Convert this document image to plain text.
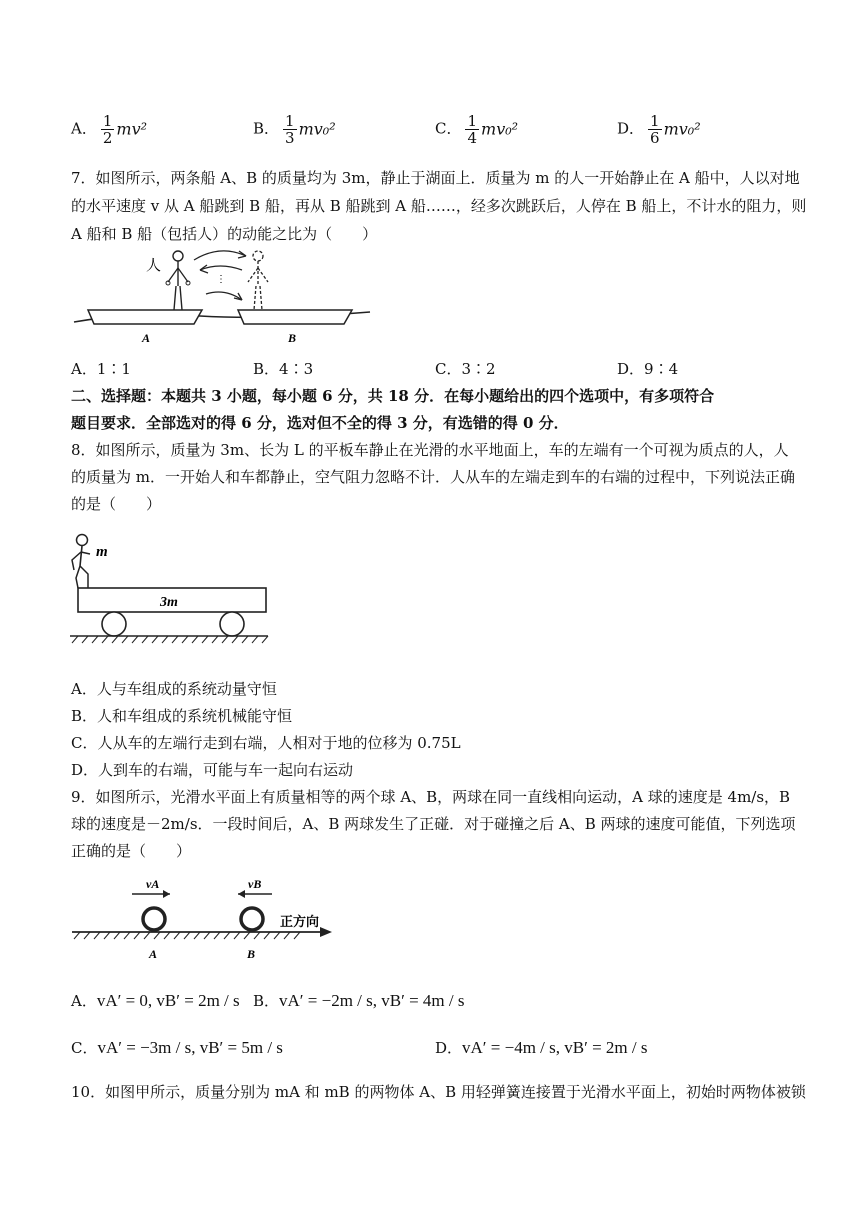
A． $\frac{1}{2} mv^2$	B． $\frac{1}{3} mv_0^2$	C． $\frac{1}{4} mv_0^2$	D． $\frac{1}{6} mv_0^2$
7．如图所示，两条船 A、B 的质量均为 3m，静止于湖面上．质量为 m 的人一开始静止在 A 船中，人以对地
的水平速度 v 从 A 船跳到 B 船，再从 B 船跳到 A 船……，经多次跳跃后，人停在 B 船上，不计水的阻力，则
A 船和 B 船（包括人）的动能之比为（　　）
⋮
人
A	B
A．1∶1	B．4∶3	C．3∶2	D．9∶4
二、选择题：本题共 3 小题，每小题 6 分，共 18 分．在每小题给出的四个选项中，有多项符合
题目要求．全部选对的得 6 分，选对但不全的得 3 分，有选错的得 0 分．
8．如图所示，质量为 3m、长为 L 的平板车静止在光滑的水平地面上，车的左端有一个可视为质点的人，人
的质量为 m．一开始人和车都静止，空气阻力忽略不计．人从车的左端走到车的右端的过程中，下列说法正确
的是（　　）
m
3m
A．人与车组成的系统动量守恒
B．人和车组成的系统机械能守恒
C．人从车的左端行走到右端，人相对于地的位移为 0.75L
D．人到车的右端，可能与车一起向右运动
9．如图所示，光滑水平面上有质量相等的两个球 A、B，两球在同一直线相向运动，A 球的速度是 4m/s，B
球的速度是－2m/s．一段时间后，A、B 两球发生了正碰．对于碰撞之后 A、B 两球的速度可能值，下列选项
正确的是（　　）
vA	vB
正方向
A	B
A．vA′ = 0, vB′ = 2m / s B．vA′ = −2m / s, vB′ = 4m / s
C．vA′ = −3m / s, vB′ = 5m / s	D．vA′ = −4m / s, vB′ = 2m / s
10．如图甲所示，质量分别为 mA 和 mB 的两物体 A、B 用轻弹簧连接置于光滑水平面上，初始时两物体被锁
